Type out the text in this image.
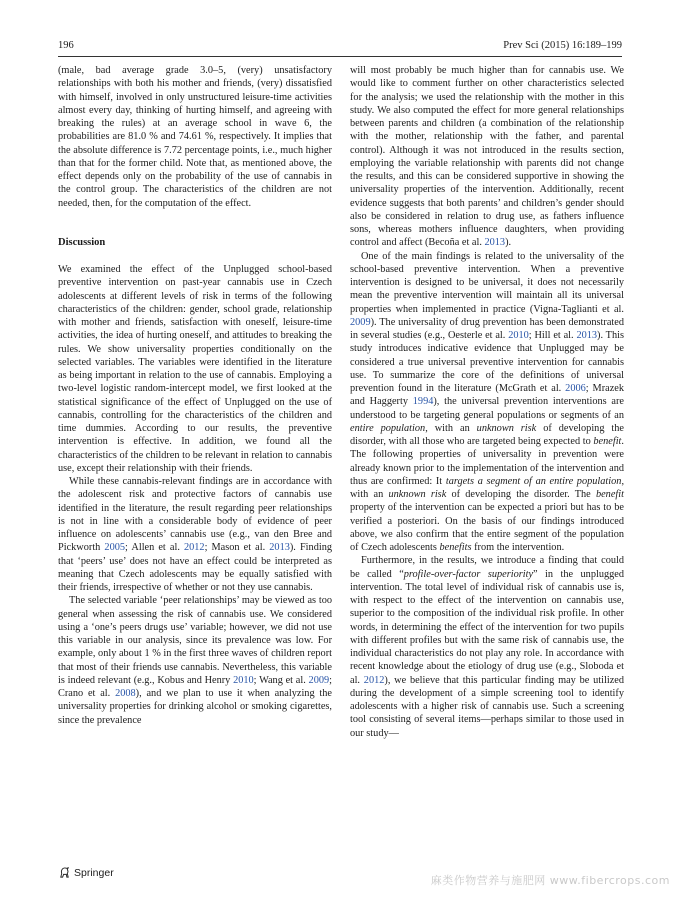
196	Prev Sci (2015) 16:189–199

(male, bad average grade 3.0–5, (very) unsatisfactory relationships with both his mother and friends, (very) dissatisfied with himself, involved in only unstructured leisure-time activities almost every day, thinking of hurting himself, and agreeing with breaking the rules) at an average school in wave 6, the probabilities are 81.0 % and 74.61 %, respectively. It implies that the absolute difference is 7.72 percentage points, i.e., much higher than that for the former child. Note that, as mentioned above, the effect depends only on the probability of the use of cannabis in the control group. The characteristics of the children are not needed, then, for the computation of the effect.

Discussion

We examined the effect of the Unplugged school-based preventive intervention on past-year cannabis use in Czech adolescents at different levels of risk in terms of the following characteristics of the children: gender, school grade, relationship with mother and friends, satisfaction with oneself, leisure-time activities, the idea of hurting oneself, and attitudes to breaking the rules. We show universality properties conditionally on the selected variables. The variables were identified in the literature as being important in relation to the use of cannabis. Employing a two-level logistic random-intercept model, we first looked at the statistical significance of the effect of Unplugged on the use of cannabis, controlling for the characteristics of the children and time dummies. According to our results, the preventive intervention is effective. In addition, we found all the characteristics of the children to be relevant in relation to cannabis use, except their relationship with their friends.

While these cannabis-relevant findings are in accordance with the adolescent risk and protective factors of cannabis use identified in the literature, the result regarding peer relationships is not in line with a considerable body of evidence of peer influence on adolescents’ cannabis use (e.g., van den Bree and Pickworth 2005; Allen et al. 2012; Mason et al. 2013). Finding that ‘peers’ use’ does not have an effect could be interpreted as meaning that Czech adolescents may be equally satisfied with their friends, irrespective of whether or not they use cannabis.

The selected variable ‘peer relationships’ may be viewed as too general when assessing the risk of cannabis use. We considered using a ‘one’s peers drugs use’ variable; however, we did not use this variable in our analysis, since its prevalence was low. For example, only about 1 % in the first three waves of children report that most of their friends use cannabis. Nevertheless, this variable is indeed relevant (e.g., Kobus and Henry 2010; Wang et al. 2009; Crano et al. 2008), and we plan to use it when analyzing the universality properties for drinking alcohol or smoking cigarettes, since the prevalence

will most probably be much higher than for cannabis use. We would like to comment further on other characteristics selected for the analysis; we used the relationship with the mother in this study. We also computed the effect for more general relationships between parents and children (a combination of the relationship with the mother, relationship with the father, and parental control). Although it was not introduced in the results section, employing the variable relationship with parents did not change the results, and this can be considered supportive in showing the universality properties of the intervention. Additionally, recent evidence suggests that both parents’ and children’s gender should also be considered in relation to drug use, as fathers influence sons, whereas mothers influence daughters, when providing control and affect (Becoña et al. 2013).

One of the main findings is related to the universality of the school-based preventive intervention. When a preventive intervention is designed to be universal, it does not necessarily mean the preventive intervention will maintain all its universal properties when implemented in practice (Vigna-Taglianti et al. 2009). The universality of drug prevention has been demonstrated in several studies (e.g., Oesterle et al. 2010; Hill et al. 2013). This study introduces indicative evidence that Unplugged may be considered a true universal preventive intervention for cannabis use. To summarize the core of the definitions of universal prevention found in the literature (McGrath et al. 2006; Mrazek and Haggerty 1994), the universal prevention interventions are understood to be targeting general populations or segments of an entire population, with an unknown risk of developing the disorder, with all those who are targeted being expected to benefit. The following properties of universality in prevention were already known prior to the implementation of the intervention and thus are confirmed: It targets a segment of an entire population, with an unknown risk of developing the disorder. The benefit property of the intervention can be expected a priori but has to be verified a posteriori. On the basis of our findings introduced above, we also confirm that the entire segment of the population of Czech adolescents benefits from the intervention.

Furthermore, in the results, we introduce a finding that could be called “profile-over-factor superiority” in the unplugged intervention. The total level of individual risk of cannabis use is, with respect to the effect of the intervention on cannabis use, superior to the composition of the individual risk profile. In other words, in determining the effect of the intervention for two pupils with different profiles but with the same risk of cannabis use, the individual characteristics do not play any role. In accordance with recent knowledge about the etiology of drug use (e.g., Sloboda et al. 2012), we believe that this particular finding may be utilized during the development of a simple screening tool to identify adolescents with a higher risk of cannabis use. Such a screening tool consisting of several items—perhaps similar to those used in our study—

Springer
麻类作物营养与施肥网 www.fibercrops.com
